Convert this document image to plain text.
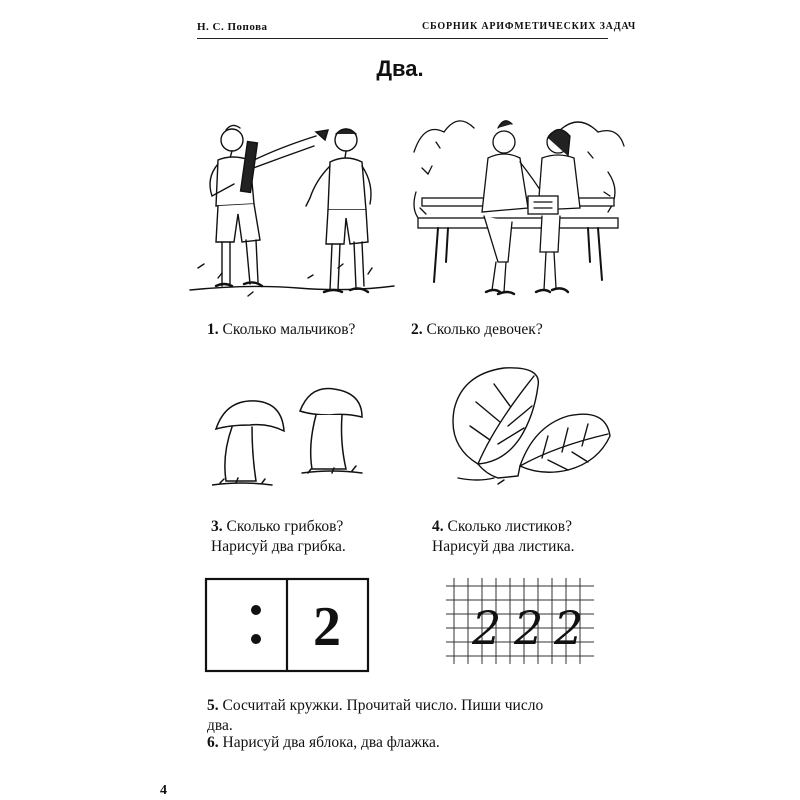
Н. С. Попова	СБОРНИК АРИФМЕТИЧЕСКИХ ЗАДАЧ
Два.
1. Сколько мальчиков?	2. Сколько девочек?
3. Сколько грибков?
Нарисуй два грибка.
4. Сколько листиков?
Нарисуй два листика.
2	2 2 2
5. Сосчитай кружки. Прочитай число. Пиши число
два.
6. Нарисуй два яблока, два флажка.
4
